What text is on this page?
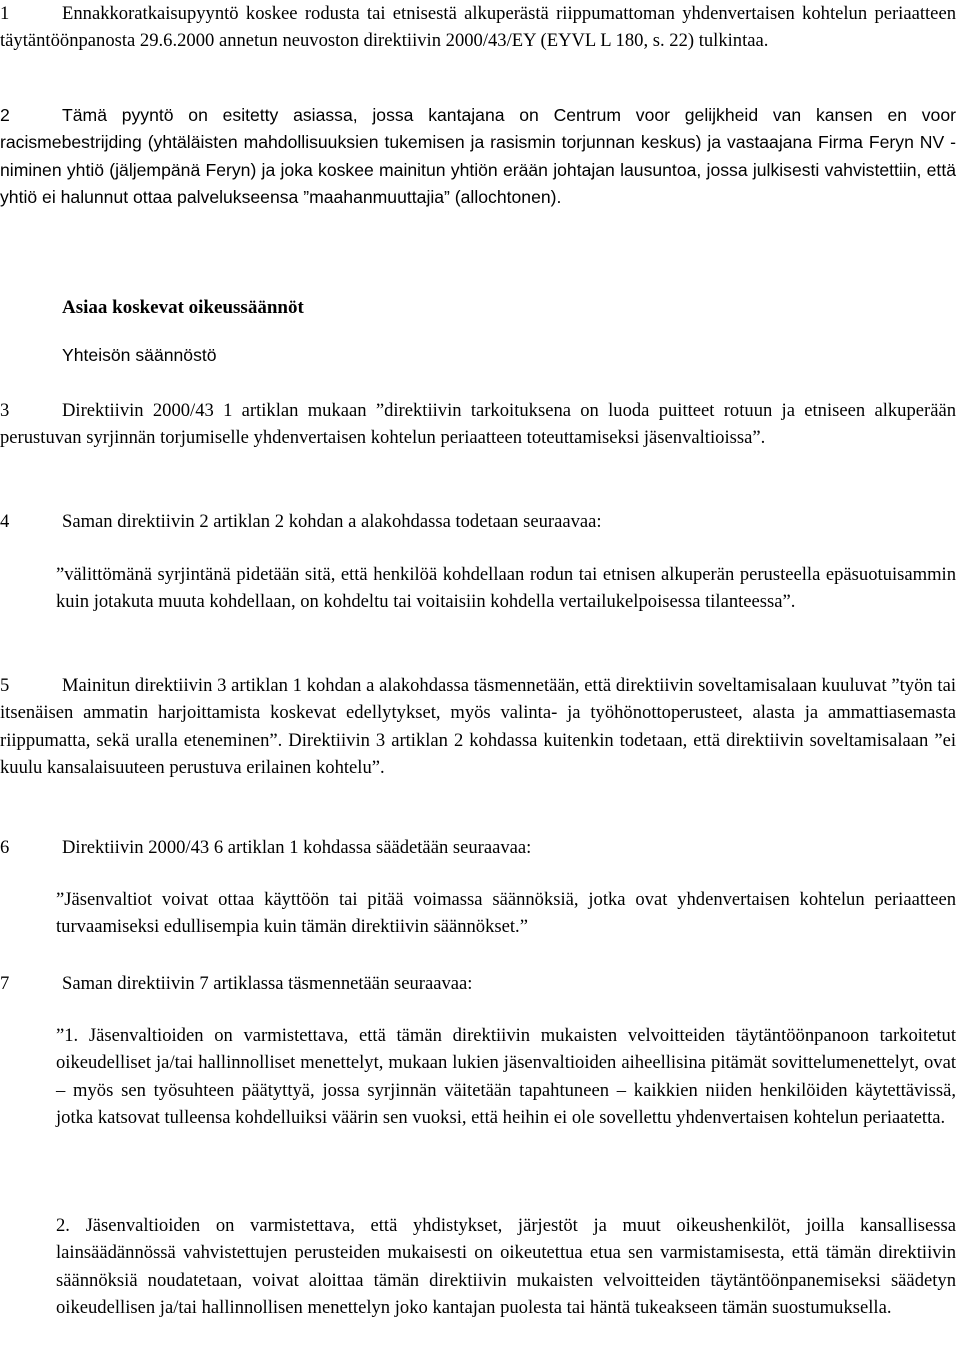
1	Ennakkoratkaisupyyntö koskee rodusta tai etnisestä alkuperästä riippumattoman yhdenvertaisen kohtelun periaatteen täytäntöönpanosta 29.6.2000 annetun neuvoston direktiivin 2000/43/EY (EYVL L 180, s. 22) tulkintaa.
2	Tämä pyyntö on esitetty asiassa, jossa kantajana on Centrum voor gelijkheid van kansen en voor racismebestrijding (yhtäläisten mahdollisuuksien tukemisen ja rasismin torjunnan keskus) ja vastaajana Firma Feryn NV -niminen yhtiö (jäljempänä Feryn) ja joka koskee mainitun yhtiön erään johtajan lausuntoa, jossa julkisesti vahvistettiin, että yhtiö ei halunnut ottaa palvelukseensa ”maahanmuuttajia” (allochtonen).
Asiaa koskevat oikeussäännöt
Yhteisön säännöstö
3	Direktiivin 2000/43 1 artiklan mukaan ”direktiivin tarkoituksena on luoda puitteet rotuun ja etniseen alkuperään perustuvan syrjinnän torjumiselle yhdenvertaisen kohtelun periaatteen toteuttamiseksi jäsenvaltioissa”.
4	Saman direktiivin 2 artiklan 2 kohdan a alakohdassa todetaan seuraavaa:
”välittömänä syrjintänä pidetään sitä, että henkilöä kohdellaan rodun tai etnisen alkuperän perusteella epäsuotuisammin kuin jotakuta muuta kohdellaan, on kohdeltu tai voitaisiin kohdella vertailukelpoisessa tilanteessa”.
5	Mainitun direktiivin 3 artiklan 1 kohdan a alakohdassa täsmennetään, että direktiivin soveltamisalaan kuuluvat ”työn tai itsenäisen ammatin harjoittamista koskevat edellytykset, myös valinta- ja työhönottoperusteet, alasta ja ammattiasemasta riippumatta, sekä uralla eteneminen”. Direktiivin 3 artiklan 2 kohdassa kuitenkin todetaan, että direktiivin soveltamisalaan ”ei kuulu kansalaisuuteen perustuva erilainen kohtelu”.
6	Direktiivin 2000/43 6 artiklan 1 kohdassa säädetään seuraavaa:
”Jäsenvaltiot voivat ottaa käyttöön tai pitää voimassa säännöksiä, jotka ovat yhdenvertaisen kohtelun periaatteen turvaamiseksi edullisempia kuin tämän direktiivin säännökset.”
7	Saman direktiivin 7 artiklassa täsmennetään seuraavaa:
”1. Jäsenvaltioiden on varmistettava, että tämän direktiivin mukaisten velvoitteiden täytäntöönpanoon tarkoitetut oikeudelliset ja/tai hallinnolliset menettelyt, mukaan lukien jäsenvaltioiden aiheellisina pitämät sovittelumenettelyt, ovat – myös sen työsuhteen päätyttyä, jossa syrjinnän väitetään tapahtuneen – kaikkien niiden henkilöiden käytettävissä, jotka katsovat tulleensa kohdelluiksi väärin sen vuoksi, että heihin ei ole sovellettu yhdenvertaisen kohtelun periaatetta.
2. Jäsenvaltioiden on varmistettava, että yhdistykset, järjestöt ja muut oikeushenkilöt, joilla kansallisessa lainsäädännössä vahvistettujen perusteiden mukaisesti on oikeutettua etua sen varmistamisesta, että tämän direktiivin säännöksiä noudatetaan, voivat aloittaa tämän direktiivin mukaisten velvoitteiden täytäntöönpanemiseksi säädetyn oikeudellisen ja/tai hallinnollisen menettelyn joko kantajan puolesta tai häntä tukeakseen tämän suostumuksella.
